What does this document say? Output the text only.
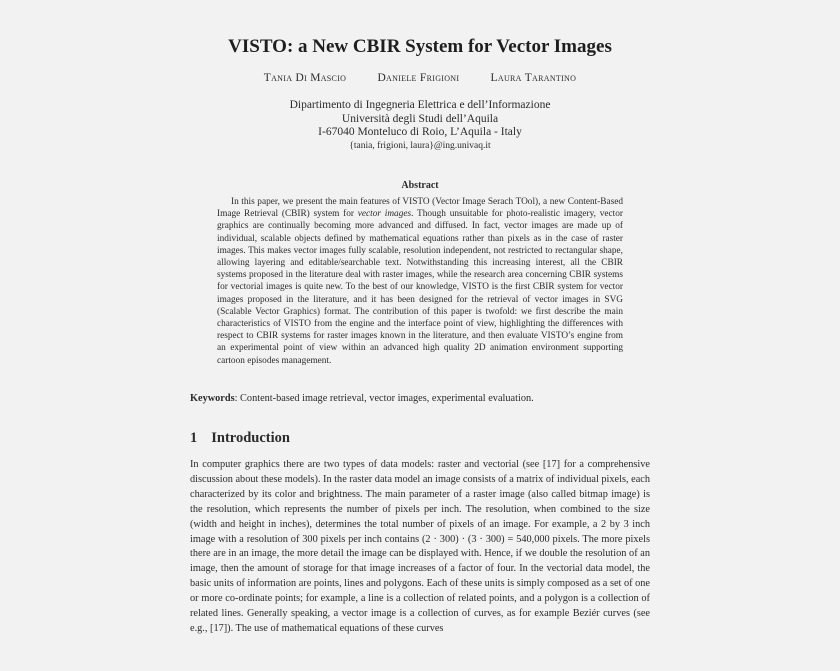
VISTO: a New CBIR System for Vector Images
Tania Di Mascio	Daniele Frigioni	Laura Tarantino
Dipartimento di Ingegneria Elettrica e dell’Informazione
Università degli Studi dell’Aquila
I-67040 Monteluco di Roio, L’Aquila - Italy
{tania, frigioni, laura}@ing.univaq.it
Abstract
In this paper, we present the main features of VISTO (Vector Image Serach TOol), a new Content-Based Image Retrieval (CBIR) system for vector images. Though unsuitable for photo-realistic imagery, vector graphics are continually becoming more advanced and diffused. In fact, vector images are made up of individual, scalable objects defined by mathematical equations rather than pixels as in the case of raster images. This makes vector images fully scalable, resolution independent, not restricted to rectangular shape, allowing layering and editable/searchable text. Notwithstanding this increasing interest, all the CBIR systems proposed in the literature deal with raster images, while the research area concerning CBIR systems for vectorial images is quite new. To the best of our knowledge, VISTO is the first CBIR system for vector images proposed in the literature, and it has been designed for the retrieval of vector images in SVG (Scalable Vector Graphics) format. The contribution of this paper is twofold: we first describe the main characteristics of VISTO from the engine and the interface point of view, highlighting the differences with respect to CBIR systems for raster images known in the literature, and then evaluate VISTO’s engine from an experimental point of view within an advanced high quality 2D animation environment supporting cartoon episodes management.
Keywords: Content-based image retrieval, vector images, experimental evaluation.
1 Introduction
In computer graphics there are two types of data models: raster and vectorial (see [17] for a comprehensive discussion about these models). In the raster data model an image consists of a matrix of individual pixels, each characterized by its color and brightness. The main parameter of a raster image (also called bitmap image) is the resolution, which represents the number of pixels per inch. The resolution, when combined to the size (width and height in inches), determines the total number of pixels of an image. For example, a 2 by 3 inch image with a resolution of 300 pixels per inch contains (2 · 300) · (3 · 300) = 540,000 pixels. The more pixels there are in an image, the more detail the image can be displayed with. Hence, if we double the resolution of an image, then the amount of storage for that image increases of a factor of four. In the vectorial data model, the basic units of information are points, lines and polygons. Each of these units is simply composed as a set of one or more co-ordinate points; for example, a line is a collection of related points, and a polygon is a collection of related lines. Generally speaking, a vector image is a collection of curves, as for example Beziér curves (see e.g., [17]). The use of mathematical equations of these curves
